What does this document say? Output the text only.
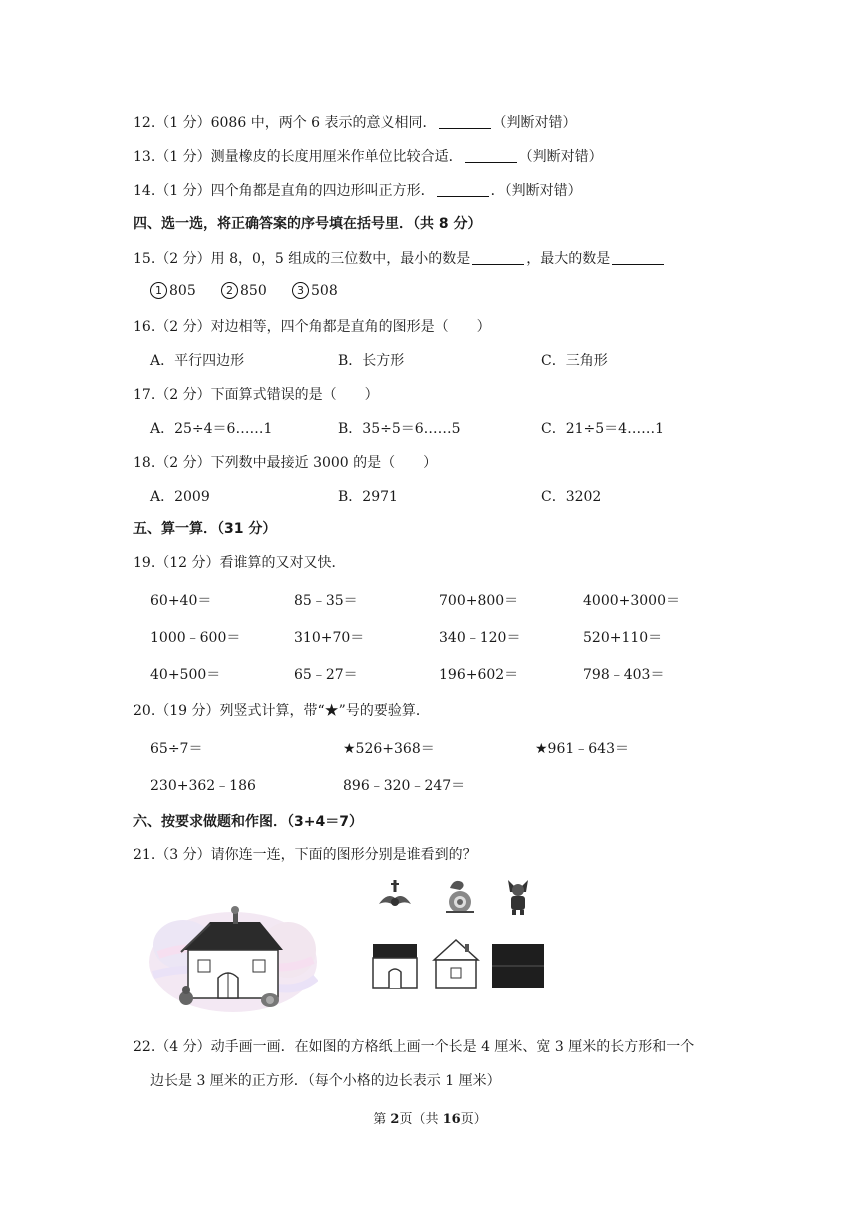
12.（1 分）6086 中，两个 6 表示的意义相同．	（判断对错）
13.（1 分）测量橡皮的长度用厘米作单位比较合适．	（判断对错）
14.（1 分）四个角都是直角的四边形叫正方形．	．（判断对错）
四、选一选，将正确答案的序号填在括号里．（共 8 分）
15.（2 分）用 8，0，5 组成的三位数中，最小的数是	，最大的数是
1 805	2 850	3 508
16.（2 分）对边相等，四个角都是直角的图形是（　　）
A．平行四边形	B．长方形	C．三角形
17.（2 分）下面算式错误的是（　　）
A．25÷4＝6……1	B．35÷5＝6……5	C．21÷5＝4……1
18.（2 分）下列数中最接近 3000 的是（　　）
A．2009	B．2971	C．3202
五、算一算．（31 分）
19.（12 分）看谁算的又对又快．
60+40＝	85﹣35＝	700+800＝	4000+3000＝
1000﹣600＝	310+70＝	340﹣120＝	520+110＝
40+500＝	65﹣27＝	196+602＝	798﹣403＝
20.（19 分）列竖式计算，带“★”号的要验算．
65÷7＝	★526+368＝	★961﹣643＝
230+362﹣186	896﹣320﹣247＝
六、按要求做题和作图．（3+4＝7）
21.（3 分）请你连一连，下面的图形分别是谁看到的？
22.（4 分）动手画一画．在如图的方格纸上画一个长是 4 厘米、宽 3 厘米的长方形和一个
边长是 3 厘米的正方形．（每个小格的边长表示 1 厘米）
第 2页（共 16页）
